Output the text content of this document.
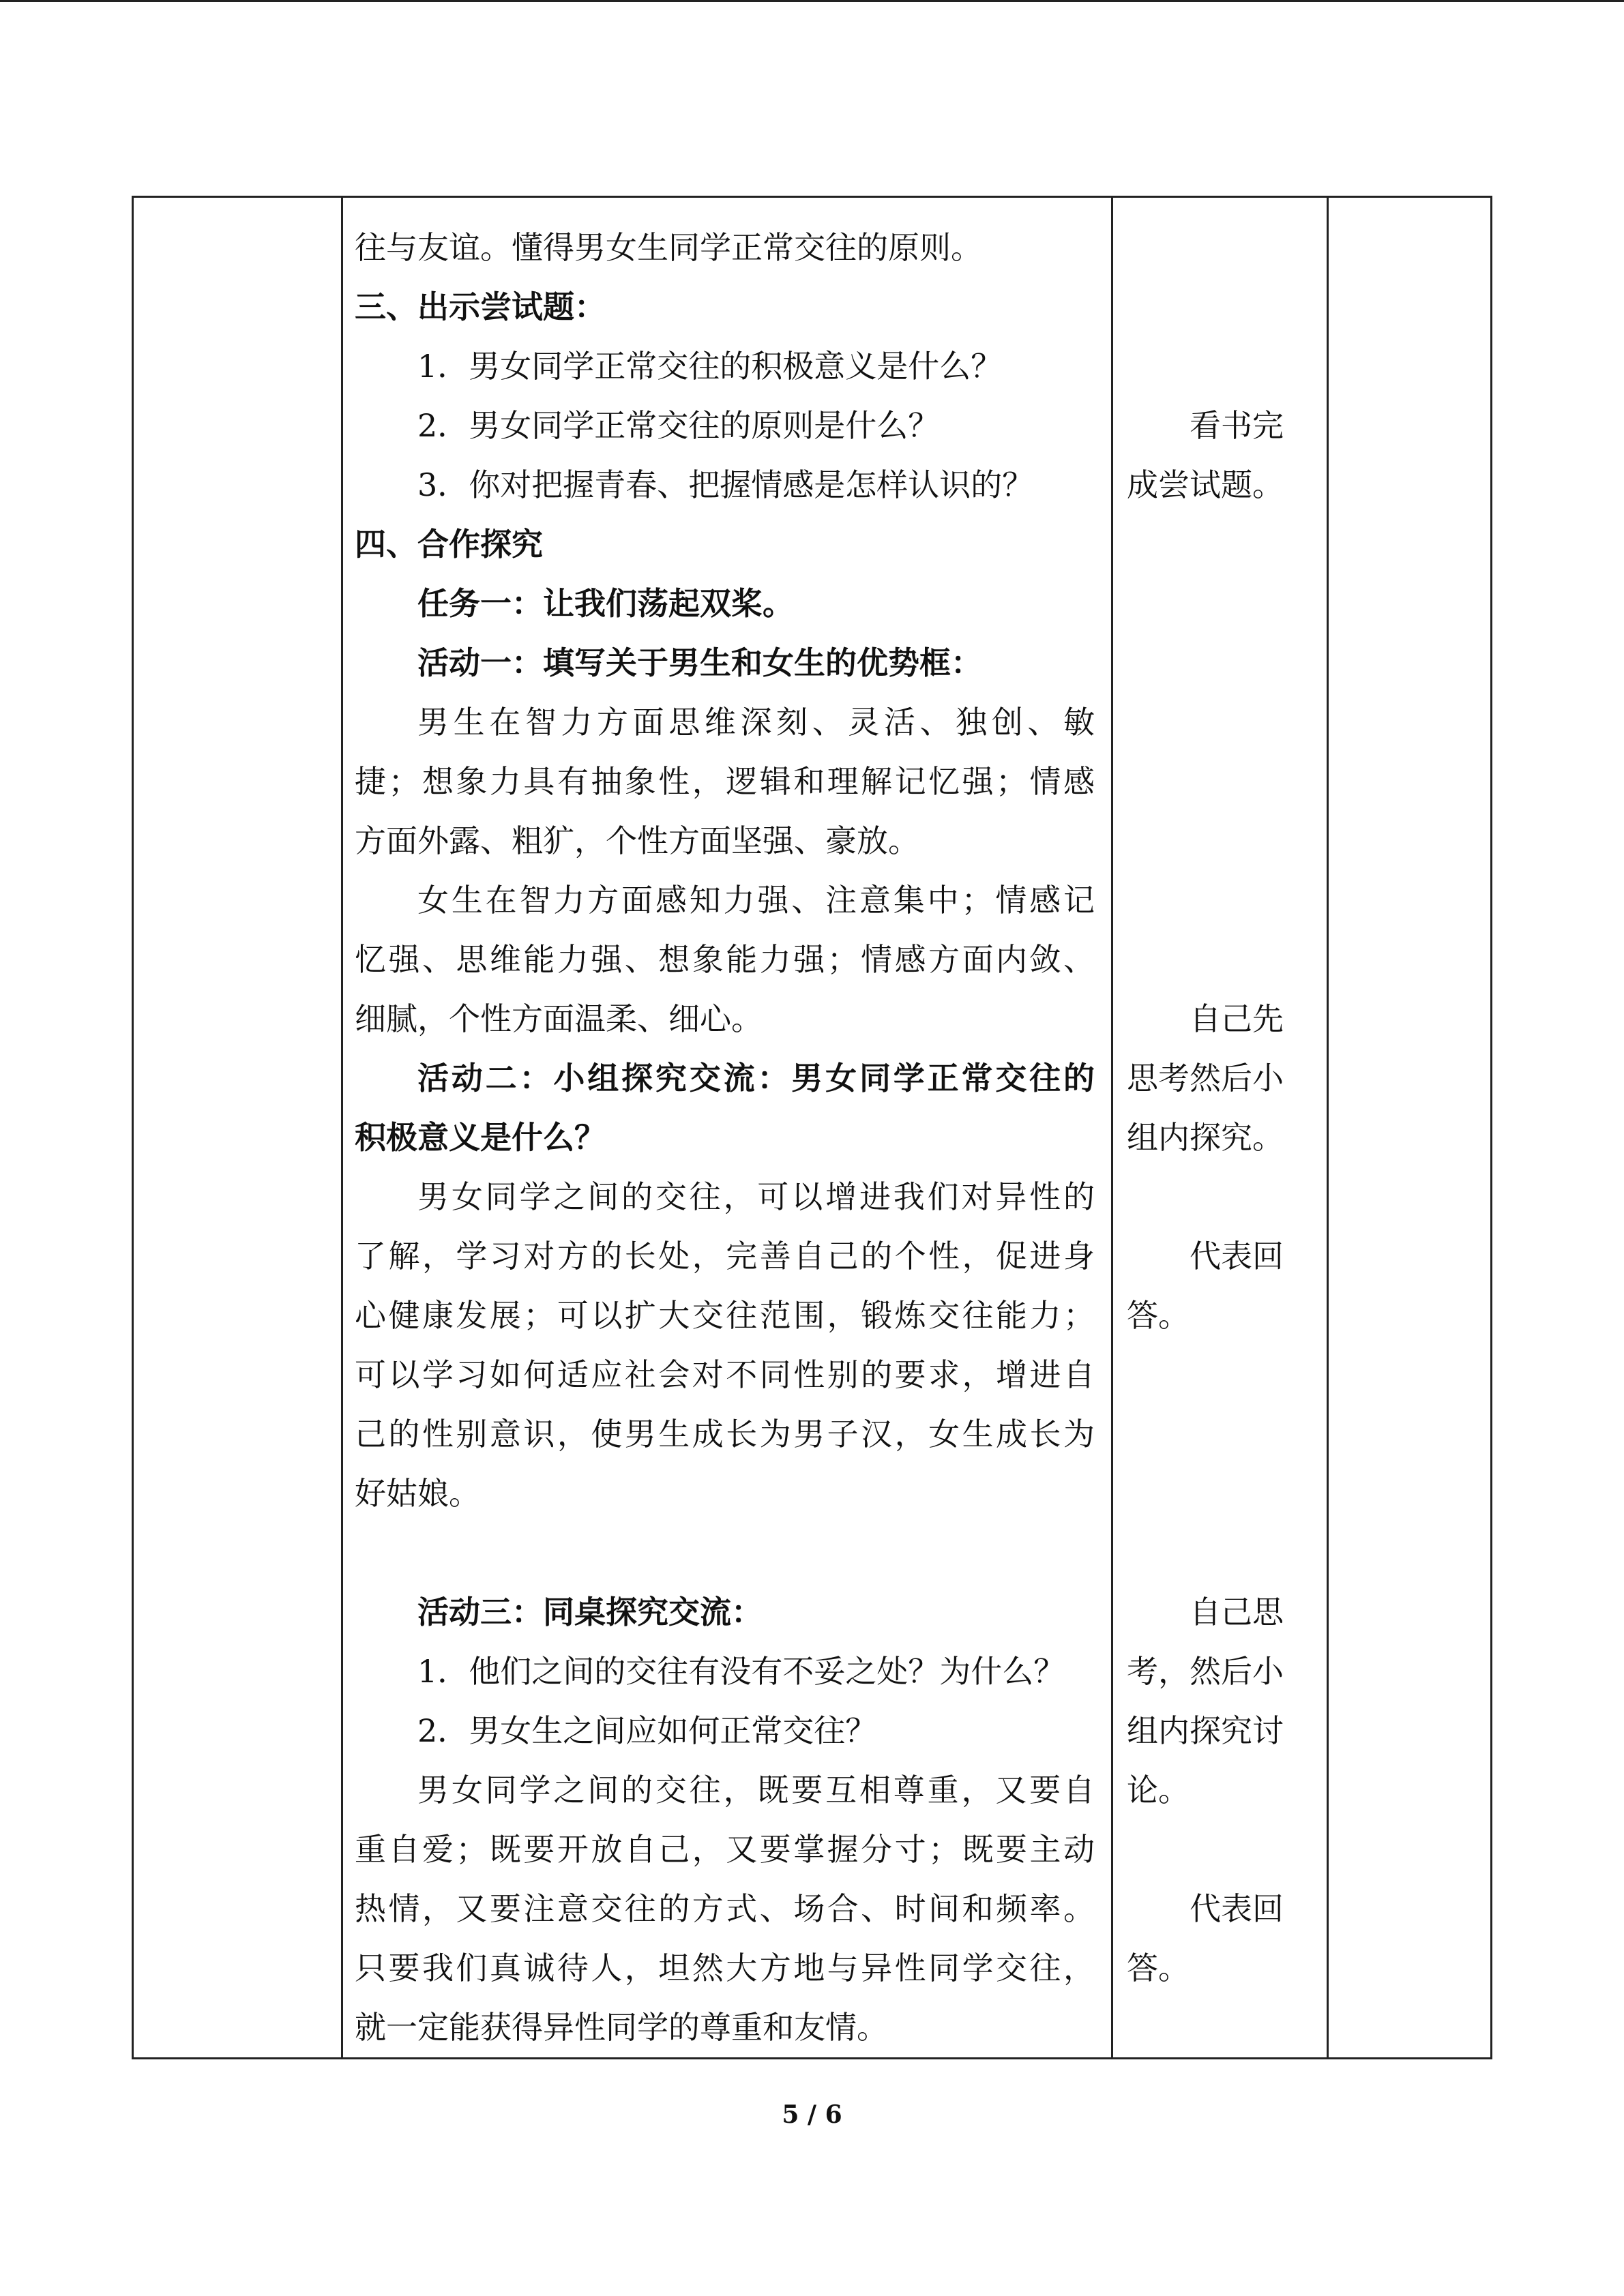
往与友谊。懂得男女生同学正常交往的原则。
三、出示尝试题：
1．男女同学正常交往的积极意义是什么？
2．男女同学正常交往的原则是什么？
3．你对把握青春、把握情感是怎样认识的？
四、合作探究
任务一：让我们荡起双桨。
活动一：填写关于男生和女生的优势框：
男生在智力方面思维深刻、灵活、独创、敏
捷；想象力具有抽象性，逻辑和理解记忆强；情感
方面外露、粗犷，个性方面坚强、豪放。
女生在智力方面感知力强、注意集中；情感记
忆强、思维能力强、想象能力强；情感方面内敛、
细腻，个性方面温柔、细心。
活动二：小组探究交流：男女同学正常交往的
积极意义是什么？
男女同学之间的交往，可以增进我们对异性的
了解，学习对方的长处，完善自己的个性，促进身
心健康发展；可以扩大交往范围，锻炼交往能力；
可以学习如何适应社会对不同性别的要求，增进自
己的性别意识，使男生成长为男子汉，女生成长为
好姑娘。
活动三：同桌探究交流：
1．他们之间的交往有没有不妥之处？为什么？
2．男女生之间应如何正常交往？
男女同学之间的交往，既要互相尊重，又要自
重自爱；既要开放自己，又要掌握分寸；既要主动
热情，又要注意交往的方式、场合、时间和频率。
只要我们真诚待人，坦然大方地与异性同学交往，
就一定能获得异性同学的尊重和友情。
看书完
成尝试题。
自己先
思考然后小
组内探究。
代表回
答。
自己思
考，然后小
组内探究讨
论。
代表回
答。
5 / 6
